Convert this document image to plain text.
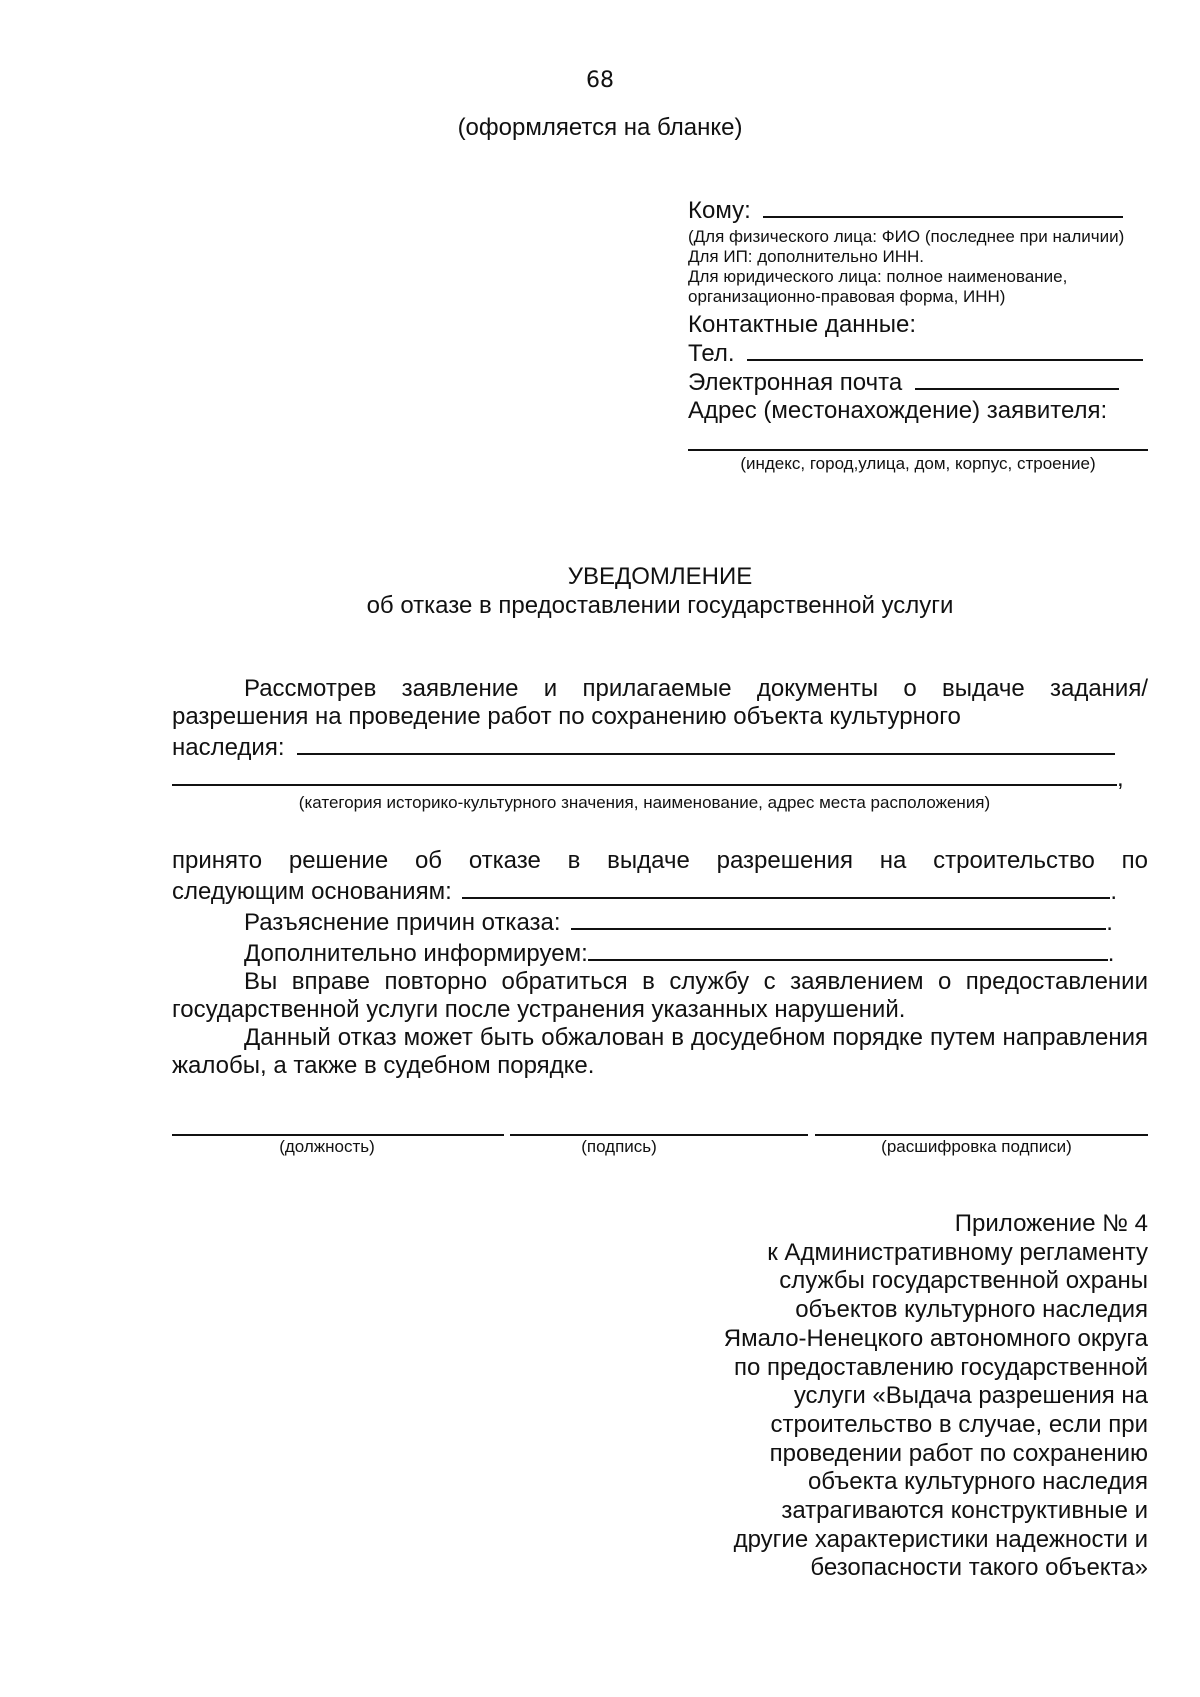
68
(оформляется на бланке)
Кому:
(Для физического лица: ФИО (последнее при наличии)
Для ИП: дополнительно ИНН.
Для юридического лица: полное наименование, организационно-правовая форма, ИНН)
Контактные данные:
Тел.
Электронная почта
Адрес (местонахождение) заявителя:
(индекс, город,улица, дом, корпус, строение)
УВЕДОМЛЕНИЕ
об отказе в предоставлении государственной услуги
Рассмотрев заявление и прилагаемые документы о выдаче задания/разрешения на проведение работ по сохранению объекта культурного
наследия:
,
(категория историко-культурного значения, наименование, адрес места расположения)
принято решение об отказе в выдаче разрешения на строительство по
следующим основаниям:	.
Разъяснение причин отказа:	.
Дополнительно информируем:	.
Вы вправе повторно обратиться в службу с заявлением о предоставлении государственной услуги после устранения указанных нарушений.
Данный отказ может быть обжалован в досудебном порядке путем направления жалобы, а также в судебном порядке.
(должность)	(подпись)	(расшифровка подписи)
Приложение № 4
к Административному регламенту
службы государственной охраны
объектов культурного наследия
Ямало-Ненецкого автономного округа
по предоставлению государственной
услуги «Выдача разрешения на
строительство в случае, если при
проведении работ по сохранению
объекта культурного наследия
затрагиваются конструктивные и
другие характеристики надежности и
безопасности такого объекта»
